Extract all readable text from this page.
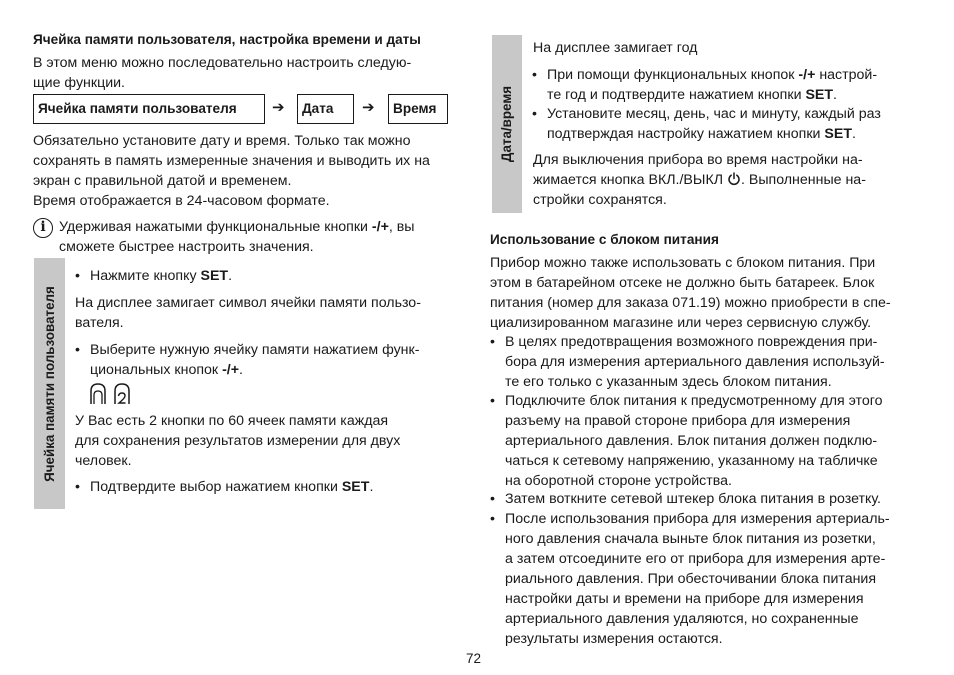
Ячейка памяти пользователя, настройка времени и даты
В этом меню можно последовательно настроить следую-
щие функции.
Ячейка памяти пользователя	➔	Дата	➔	Время
Обязательно установите дату и время. Только так можно
сохранять в память измеренные значения и выводить их на
экран с правильной датой и временем.
Время отображается в 24-часовом формате.
i Удерживая нажатыми функциональные кнопки -/+, вы
сможете быстрее настроить значения.
Ячейка памяти пользователя
• Нажмите кнопку SET.
На дисплее замигает символ ячейки памяти пользо-
вателя.
• Выберите нужную ячейку памяти нажатием функ-
циональных кнопок -/+.
У Вас есть 2 кнопки по 60 ячеек памяти каждая
для сохранения результатов измерении для двух
человек.
• Подтвердите выбор нажатием кнопки SET.
Дата/время
На дисплее замигает год
• При помощи функциональных кнопок -/+ настрой-
те год и подтвердите нажатием кнопки SET.
• Установите месяц, день, час и минуту, каждый раз
подтверждая настройку нажатием кнопки SET.
Для выключения прибора во время настройки на-
жимается кнопка ВКЛ./ВЫКЛ . Выполненные на-
стройки сохранятся.
Использование с блоком питания
Прибор можно также использовать с блоком питания. При
этом в батарейном отсеке не должно быть батареек. Блок
питания (номер для заказа 071.19) можно приобрести в спе-
циализированном магазине или через сервисную службу.
• В целях предотвращения возможного повреждения при-
бора для измерения артериального давления используй-
те его только с указанным здесь блоком питания.
• Подключите блок питания к предусмотренному для этого
разъему на правой стороне прибора для измерения
артериального давления. Блок питания должен подклю-
чаться к сетевому напряжению, указанному на табличке
на оборотной стороне устройства.
• Затем воткните сетевой штекер блока питания в розетку.
• После использования прибора для измерения артериаль-
ного давления сначала выньте блок питания из розетки,
а затем отсоедините его от прибора для измерения арте-
риального давления. При обесточивании блока питания
настройки даты и времени на приборе для измерения
артериального давления удаляются, но сохраненные
результаты измерения остаются.
72
